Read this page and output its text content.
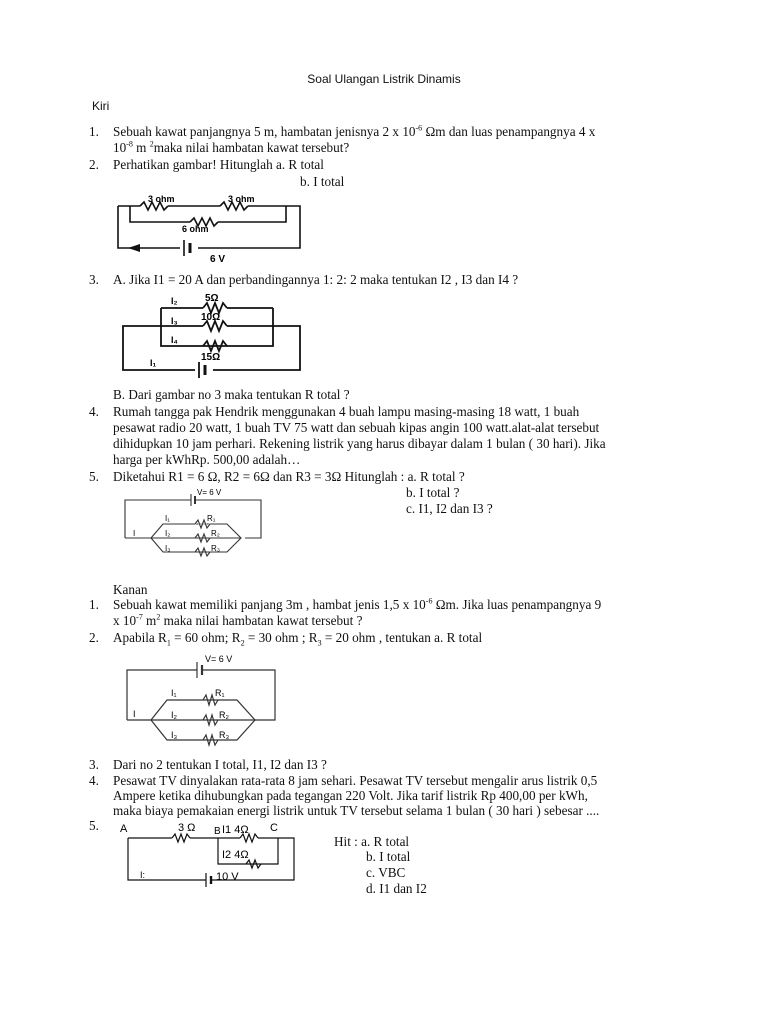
Soal Ulangan Listrik Dinamis
Kiri
1. Sebuah kawat panjangnya 5 m, hambatan jenisnya 2 x $10^{-6}$ Ωm dan luas penampangnya 4 x
$10^{-8}$ m $^2$maka nilai hambatan kawat tersebut?
2. Perhatikan gambar! Hitunglah a. R total
b. I total
3 ohm	3 ohm
6 ohm
6 V
3. A. Jika I1 = 20 A dan perbandingannya 1: 2: 2 maka tentukan I2 , I3 dan I4 ?
I₂
I₃
I₄
I₁
5Ω
10Ω
15Ω
B. Dari gambar no 3 maka tentukan R total ?
4. Rumah tangga pak Hendrik menggunakan 4 buah lampu masing-masing 18 watt, 1 buah
pesawat radio 20 watt, 1 buah TV 75 watt dan sebuah kipas angin 100 watt.alat-alat tersebut
dihidupkan 10 jam perhari. Rekening listrik yang harus dibayar dalam 1 bulan ( 30 hari). Jika
harga per kWhRp. 500,00 adalah…
5. Diketahui R1 = 6 Ω, R2 = 6Ω dan R3 = 3Ω Hitunglah : a. R total ?
b. I total ?
c. I1, I2 dan I3 ?
V= 6 V
I₁
I₂
I₃
I
R₁
R₂
R₃
Kanan
1. Sebuah kawat memiliki panjang 3m , hambat jenis 1,5 x $10^{-6}$ Ωm. Jika luas penampangnya 9
x $10^{-7}$ $m^2$ maka nilai hambatan kawat tersebut ?
2. Apabila $R_1 = 60$ ohm; $R_2 = 30$ ohm ; $R_3 = 20$ ohm , tentukan a. R total
V= 6 V
I₁
I₂
I₃
I
R₁
R₂
R₃
3. Dari no 2 tentukan I total, I1, I2 dan I3 ?
4. Pesawat TV dinyalakan rata-rata 8 jam sehari. Pesawat TV tersebut mengalir arus listrik 0,5
Ampere ketika dihubungkan pada tegangan 220 Volt. Jika tarif listrik Rp 400,00 per kWh,
maka biaya pemakaian energi listrik untuk TV tersebut selama 1 bulan ( 30 hari ) sebesar ....
5. A	3 Ω B I1 4Ω C
I2 4Ω
I:	10 V
Hit : a. R total
b. I total
c. VBC
d. I1 dan I2
